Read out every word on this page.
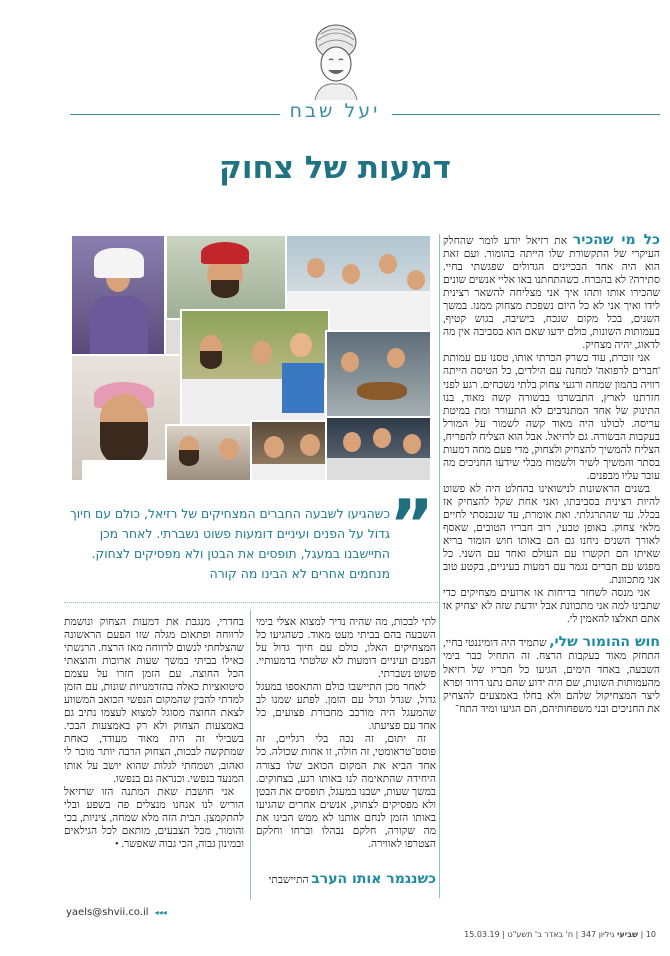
יעל שבח
דמעות של צחוק

כל מי שהכיר את רזיאל יודע לומר שהחלק העיקרי של התקשורת שלו הייתה בהומור. ועם זאת הוא היה אחד הבכיינים הגדולים שפגשתי בחיי. סתירה? לא בהכרח. כשהתחתנו באו אליי אנשים שונים שהכירו אותו ותהו איך אני מצליחה להשאר רצינית לידו ואיך אני לא כל היום נשפכת מצחוק ממנו. במשך השנים, בכל מקום שנכח, בישיבה, בגוש קטיף, בעמותות השונות, כולם ידעו שאם הוא בסביבה אין מה לדאוג, יהיה מצחיק.

אני זוכרת, עוד כשרק הכרתי אותו, טסנו עם עמותת 'חברים לרפואה' למחנה עם הילדים, כל הטיסה הייתה רוויה בהמון שמחה ורגעי צחוק בלתי נשכחים. רגע לפני חזרתנו לארץ, התבשרנו בבשורה קשה מאוד, בנו התינוק של אחד המתנדבים לא התעורר ומת במיטת עריסה. לכולנו היה מאוד קשה לשמור על המורל בעקבות הבשורה. גם לרזיאל. אבל הוא הצליח להפריח, הצליח להמשיך להצחיק ולצחוק, מדי פעם מחה דמעות בסתר והמשיך לשיר ולשמוח מבלי שידעו החניכים מה עובר עליו מבפנים.

בשנים הראשונות לנישואינו בהחלט היה לא פשוט להיות רצינית בסביבתו, ואני אחת שקל להצחיק אז בכלל. עד שהתרגלתי. ואת אומרת, עד שנכנסתי לחיים מלאי צחוק. באופן טבעי, רוב חבריו הטובים, שאסף לאורך השנים ניחנו גם הם באותו חוש הומור בריא שאיתו הם תקשרו עם העולם ואחד עם השני. כל מפגש עם חברים נגמר עם דמעות בעיניים, בקטע טוב אני מתכוונת.

אני מנסה לשחזר בדיחות או ארועים מצחיקים כדי שתבינו למה אני מתכוונת אבל יודעת שזה לא יצחיק או אתם תאלצו להאמין לי.

חוש ההומור שלי, שתמיד היה דומיננטי בחיי, התחזק מאוד בעקבות הרצח. זה התחיל כבר בימי השבעה, באחד הימים, הגיעו כל חבריו של רזיאל מהעמותות השונות, שם היה ידוע שהם נתנו דרור ופרא ליצר המצחיקול שלהם ולא בחלו באמצעים להצחיק את החניכים ובני משפחותיהם, הם הגיעו ומיד התח־

”
כשהגיעו לשבעה החברים המצחיקים של רזיאל, כולם עם חיוך גדול על הפנים ועיניים דומעות פשוט נשברתי. לאחר מכן התיישבנו במעגל, תופסים את הבטן ולא מפסיקים לצחוק. מנחמים אחרים לא הבינו מה קורה

לתי לבכות, מה שהיה נדיר למצוא אצלי בימי השבעה בהם בביתי מעט מאוד. כשהגיעו כל המצחיקים האלו, כולם עם חיוך גדול על הפנים ועיניים דומעות לא שלטתי בדמעותיי. פשוט נשברתי.

לאחר מכן התיישבו כולם והתאספו במעגל גדול, שגדל וגדל עם הזמן. לפתע שמנו לב שהמעגל היה מורכב מחבורת פצועים, כל אחד עם פציעתו.

זה יתום, זה נכה בלי רגליים, זה פוסט־טראומטי, זה חולה, זו אחות שכולה. כל אחד הביא את המקום הכואב שלו בצורה היחידה שהתאימה לנו באותו רגע, בצחוקים. במשך שעות, ישבנו במעגל, תופסים את הבטן ולא מפסיקים לצחוק, אנשים אחרים שהגיעו באותו הזמן לנחם אותנו לא ממש הבינו את מה שקורה, חלקם נבהלו וברחו וחלקם הצטרפו לאווירה.

כשנגמר אותו הערב התיישבתי

בחדרי, מנגבת את דמעות הצחוק ונושמת לרווחה ופתאום מגלה שזו הפעם הראשונה שהצלחתי לנשום לרווחה מאז הרצח. הרגשתי כאילו בביתי במשך שעות ארוכות והוצאתי הכל החוצה. עם הזמן חזרו על עצמם סיטואציות כאלה בהזדמנויות שונות, עם הזמן למדתי להבין שהמקום הנפשי הכואב המשווע לצאת החוצה מסוגל למצוא לעצמו נתיב גם באמצעות הצחוק ולא רק באמצעות הבכי. בשבילי זה היה מאוד מעודד, כאחת שמתקשה לבכות, הצחוק הרבה יותר מוכר לי ואהוב, ושמחתי לגלות שהוא יושב על אותו המנעד בנפשי. וכנראה גם בנפשו.

אני חושבת שאת המתנה הזו שרזיאל הוריש לנו אנחנו מנצלים פה בשפע ובלי להתקמצן. הבית הזה מלא שמחה, ציניות, בכי והומור, מכל הצבעים, מותאם לכל הגילאים ובמינון גבוה, הכי גבוה שאפשר. •

yaels@shvii.co.il ◂◂◂
10 | שביעי גיליון 347 | ח' באדר ב' תשע"ט | 15.03.19
